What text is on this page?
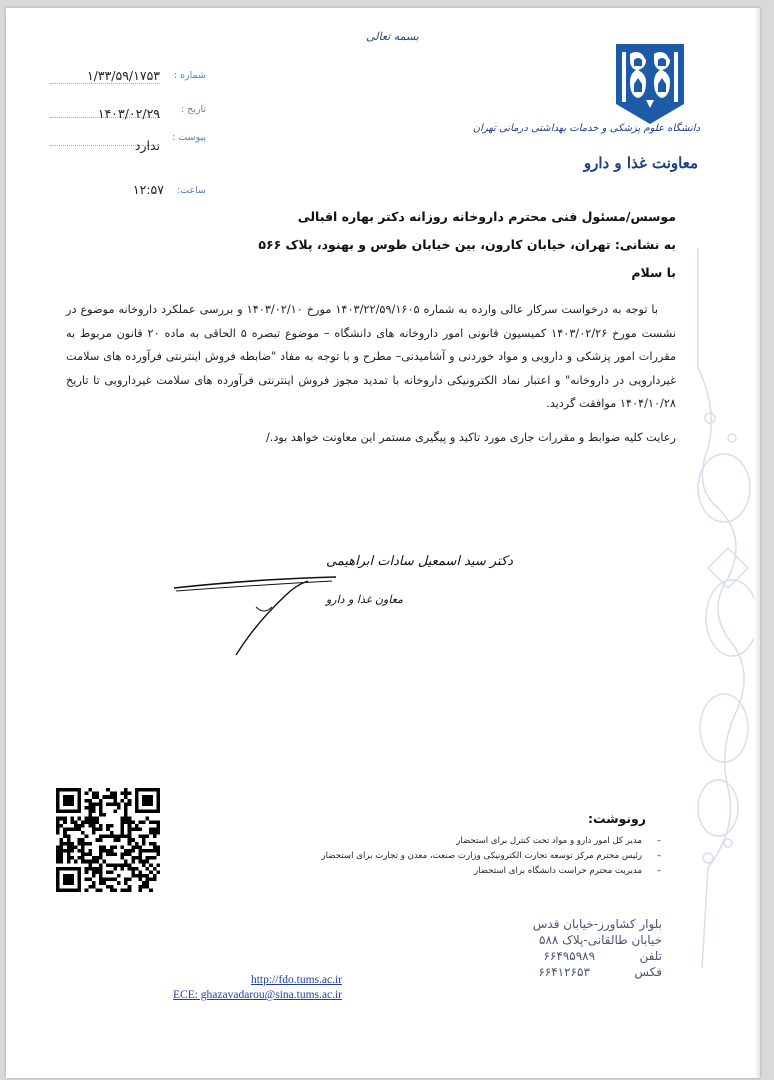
بسمه تعالی
دانشگاه علوم پزشکی و خدمات بهداشتی درمانی تهران
معاونت غذا و دارو
۱/۳۳/۵۹/۱۷۵۳ شماره :
۱۴۰۳/۰۲/۲۹ تاریخ :
ندارد
پیوست :
۱۲:۵۷ ساعت:
موسس/مسئول فنی محترم داروخانه روزانه دکتر بهاره اقبالی
به نشانی: تهران، خیابان کارون، بین خیابان طوس و بهنود، پلاک ۵۶۶
با سلام

با توجه به درخواست سرکار عالی وارده به شماره ۱۴۰۳/۲۲/۵۹/۱۶۰۵ مورخ ۱۴۰۳/۰۲/۱۰ و بررسی عملکرد داروخانه موضوع در نشست مورخ ۱۴۰۳/۰۲/۲۶ کمیسیون قانونی امور داروخانه های دانشگاه – موضوع تبصره ۵ الحاقی به ماده ۲۰ قانون مربوط به مقررات امور پزشکی و دارویی و مواد خوردنی و آشامیدنی– مطرح و با توجه به مفاد "ضابطه فروش اینترنتی فرآورده های سلامت غیردارویی در داروخانه" و اعتبار نماد الکترونیکی داروخانه با تمدید مجوز فروش اینترنتی فرآورده های سلامت غیردارویی تا تاریخ ۱۴۰۴/۱۰/۲۸ موافقت گردید.

رعایت کلیه ضوابط و مقررات جاری مورد تاکید و پیگیری مستمر این معاونت خواهد بود./
دکتر سید اسمعیل سادات ابراهیمی
معاون غذا و دارو
رونوشت:
–مدیر کل امور دارو و مواد تحت کنترل برای استحضار
–رئیس محترم مرکز توسعه تجارت الکترونیکی وزارت صنعت، معدن و تجارت برای استحضار
–مدیریت محترم حراست دانشگاه برای استحضار
بلوار کشاورز-خیابان قدس
خیابان طالقانی-پلاک ۵۸۸
تلفن۶۶۴۹۵۹۸۹
فکس۶۶۴۱۲۶۵۳
http://fdo.tums.ac.ir
ECE: ghazavadarou@sina.tums.ac.ir
